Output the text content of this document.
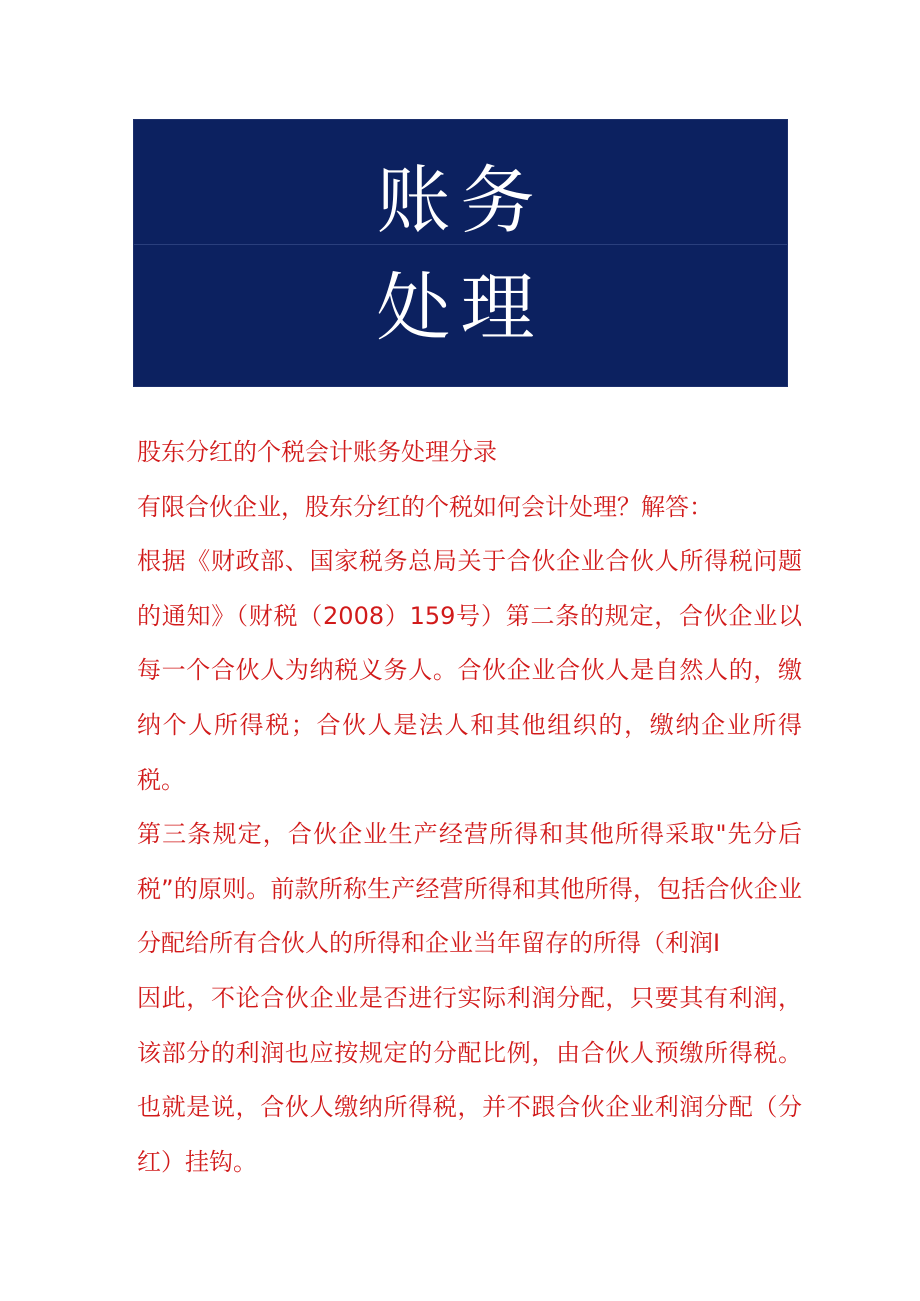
账务
处理

股东分红的个税会计账务处理分录

有限合伙企业，股东分红的个税如何会计处理？解答：

根据《财政部、国家税务总局关于合伙企业合伙人所得税问题的通知》（财税（2008）159号）第二条的规定，合伙企业以每一个合伙人为纳税义务人。合伙企业合伙人是自然人的，缴纳个人所得税；合伙人是法人和其他组织的，缴纳企业所得税。

第三条规定，合伙企业生产经营所得和其他所得采取"先分后税”的原则。前款所称生产经营所得和其他所得，包括合伙企业分配给所有合伙人的所得和企业当年留存的所得（利润I

因此，不论合伙企业是否进行实际利润分配，只要其有利润，该部分的利润也应按规定的分配比例，由合伙人预缴所得税。也就是说，合伙人缴纳所得税，并不跟合伙企业利润分配（分红）挂钩。
